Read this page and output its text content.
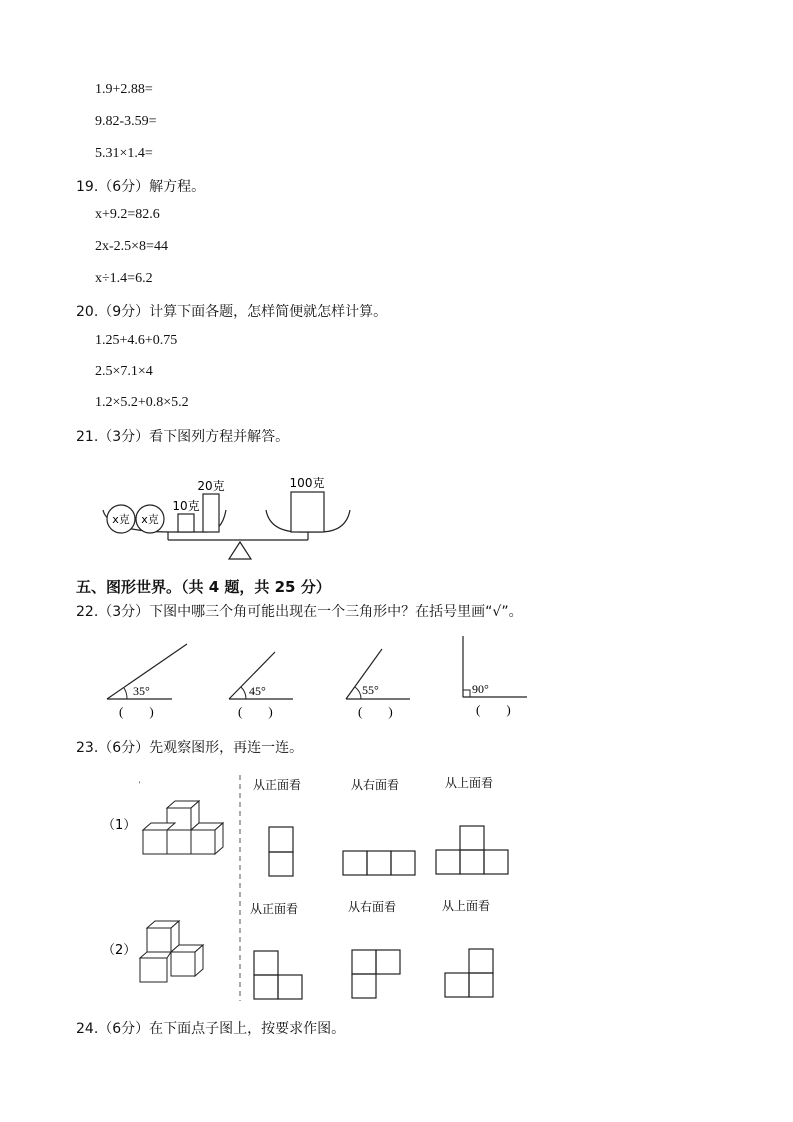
1.9+2.88=
9.82-3.59=
5.31×1.4=
19.（6分）解方程。
x+9.2=82.6
2x-2.5×8=44
x÷1.4=6.2
20.（9分）计算下面各题，怎样简便就怎样计算。
1.25+4.6+0.75
2.5×7.1×4
1.2×5.2+0.8×5.2
21.（3分）看下图列方程并解答。
x克 x克
10克
20克	100克
五、图形世界。（共 4 题，共 25 分）
22.（3分）下图中哪三个角可能出现在一个三角形中？在括号里画“√”。
35°
(        )
45°
(        )
55°
(        )
90°
(        )
23.（6分）先观察图形，再连一连。
（1）
'	从正面看	从右面看	从上面看
（2）
从正面看	从右面看	从上面看
24.（6分）在下面点子图上，按要求作图。
